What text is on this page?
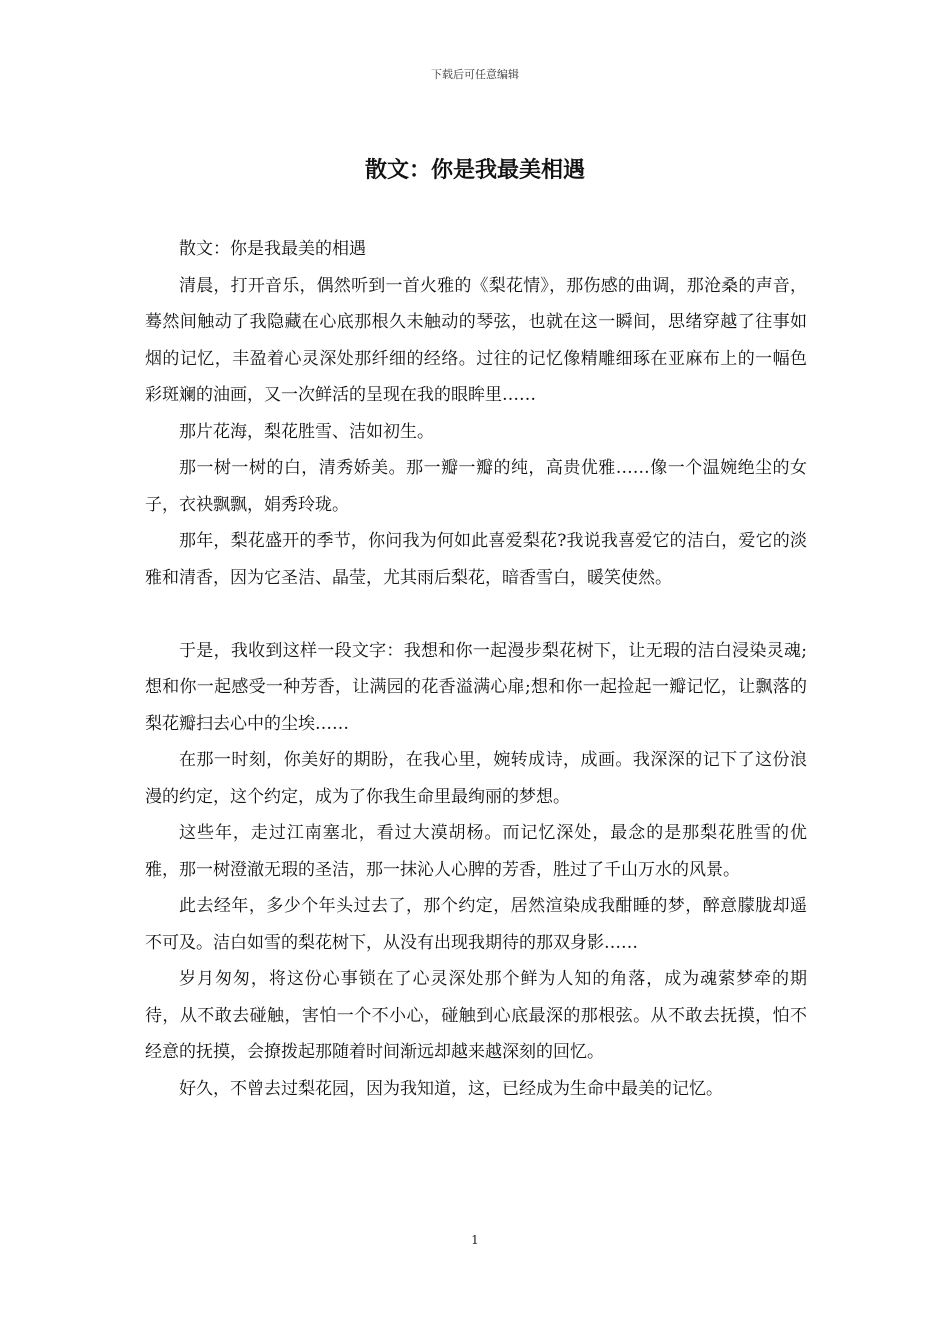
下载后可任意编辑
散文：你是我最美相遇

散文：你是我最美的相遇

清晨，打开音乐，偶然听到一首火雅的《梨花情》，那伤感的曲调，那沧桑的声音，蓦然间触动了我隐藏在心底那根久未触动的琴弦，也就在这一瞬间，思绪穿越了往事如烟的记忆，丰盈着心灵深处那纤细的经络。过往的记忆像精雕细琢在亚麻布上的一幅色彩斑斓的油画，又一次鲜活的呈现在我的眼眸里……

那片花海，梨花胜雪、洁如初生。

那一树一树的白，清秀娇美。那一瓣一瓣的纯，高贵优雅……像一个温婉绝尘的女子，衣袂飘飘，娟秀玲珑。

那年，梨花盛开的季节，你问我为何如此喜爱梨花?我说我喜爱它的洁白，爱它的淡雅和清香，因为它圣洁、晶莹，尤其雨后梨花，暗香雪白，暖笑使然。

于是，我收到这样一段文字：我想和你一起漫步梨花树下，让无瑕的洁白浸染灵魂;想和你一起感受一种芳香，让满园的花香溢满心扉;想和你一起捡起一瓣记忆，让飘落的梨花瓣扫去心中的尘埃……

在那一时刻，你美好的期盼，在我心里，婉转成诗，成画。我深深的记下了这份浪漫的约定，这个约定，成为了你我生命里最绚丽的梦想。

这些年，走过江南塞北，看过大漠胡杨。而记忆深处，最念的是那梨花胜雪的优雅，那一树澄澈无瑕的圣洁，那一抹沁人心脾的芳香，胜过了千山万水的风景。

此去经年，多少个年头过去了，那个约定，居然渲染成我酣睡的梦，醉意朦胧却遥不可及。洁白如雪的梨花树下，从没有出现我期待的那双身影……

岁月匆匆，将这份心事锁在了心灵深处那个鲜为人知的角落，成为魂萦梦牵的期待，从不敢去碰触，害怕一个不小心，碰触到心底最深的那根弦。从不敢去抚摸，怕不经意的抚摸，会撩拨起那随着时间渐远却越来越深刻的回忆。

好久，不曾去过梨花园，因为我知道，这，已经成为生命中最美的记忆。

1
